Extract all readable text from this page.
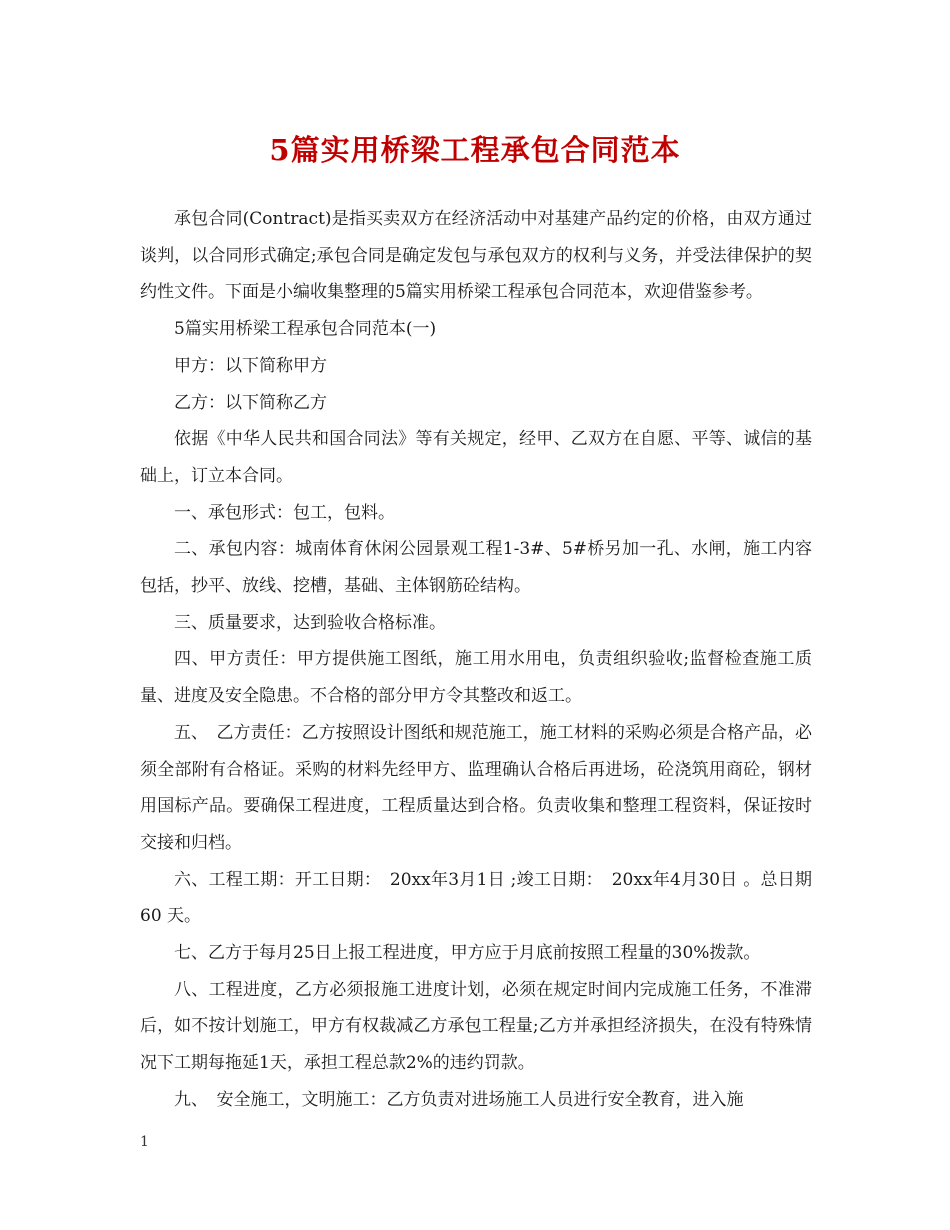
5篇实用桥梁工程承包合同范本

承包合同(Contract)是指买卖双方在经济活动中对基建产品约定的价格，由双方通过谈判，以合同形式确定;承包合同是确定发包与承包双方的权利与义务，并受法律保护的契约性文件。下面是小编收集整理的5篇实用桥梁工程承包合同范本，欢迎借鉴参考。

5篇实用桥梁工程承包合同范本(一)

甲方：以下简称甲方

乙方：以下简称乙方

依据《中华人民共和国合同法》等有关规定，经甲、乙双方在自愿、平等、诚信的基础上，订立本合同。

一、承包形式：包工，包料。

二、承包内容：城南体育休闲公园景观工程1-3#、5#桥另加一孔、水闸，施工内容包括，抄平、放线、挖槽，基础、主体钢筋砼结构。

三、质量要求，达到验收合格标准。

四、甲方责任：甲方提供施工图纸，施工用水用电，负责组织验收;监督检查施工质量、进度及安全隐患。不合格的部分甲方令其整改和返工。

五、　乙方责任：乙方按照设计图纸和规范施工，施工材料的采购必须是合格产品，必须全部附有合格证。采购的材料先经甲方、监理确认合格后再进场，砼浇筑用商砼，钢材用国标产品。要确保工程进度，工程质量达到合格。负责收集和整理工程资料，保证按时交接和归档。

六、工程工期：开工日期：　20xx年3月1日 ;竣工日期：　20xx年4月30日 。总日期 60 天。

七、乙方于每月25日上报工程进度，甲方应于月底前按照工程量的30%拨款。

八、工程进度，乙方必须报施工进度计划，必须在规定时间内完成施工任务，不准滞后，如不按计划施工，甲方有权裁减乙方承包工程量;乙方并承担经济损失，在没有特殊情况下工期每拖延1天，承担工程总款2%的违约罚款。

九、　安全施工，文明施工：乙方负责对进场施工人员进行安全教育，进入施

1
